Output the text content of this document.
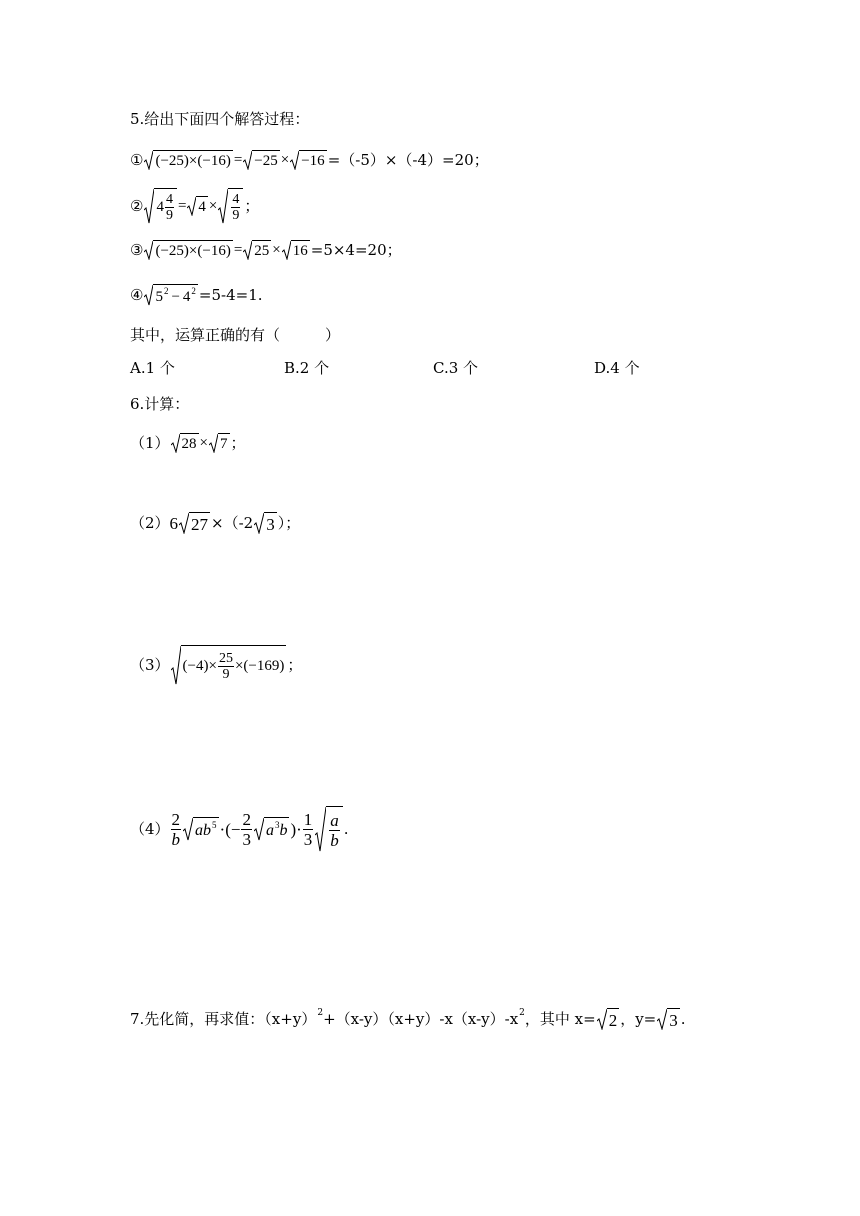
5.给出下面四个解答过程：
① (−25)×(−16) = −25 × −16 =（-5）×（-4）=20；
② $4 \frac{4}{9} = 4 \times \frac{4}{9}$ ；
③ (−25)×(−16) = 25 × 16 =5×4=20；
④ 5 2 − 4 2 =5-4=1.
其中，运算正确的有（　　　）
A.1 个	B.2 个	C.3 个	D.4 个
6.计算：
（1） 28 × 7 ；
（2） 6 27 ×（-2 3 ）；
（3） $(-4)\times \frac{25}{9} \times(-169)$ ；
$(4) \frac{2}{b}$ ab 5 ·(− $\frac{2}{3}$ a 3 b )· $\frac{1}{3} \frac{a}{b}$ .
7.先化简，再求值：（x+y） 2 +（x-y）（x+y）-x（x-y）-x 2 ，其中 x= 2 ，y= 3 .
